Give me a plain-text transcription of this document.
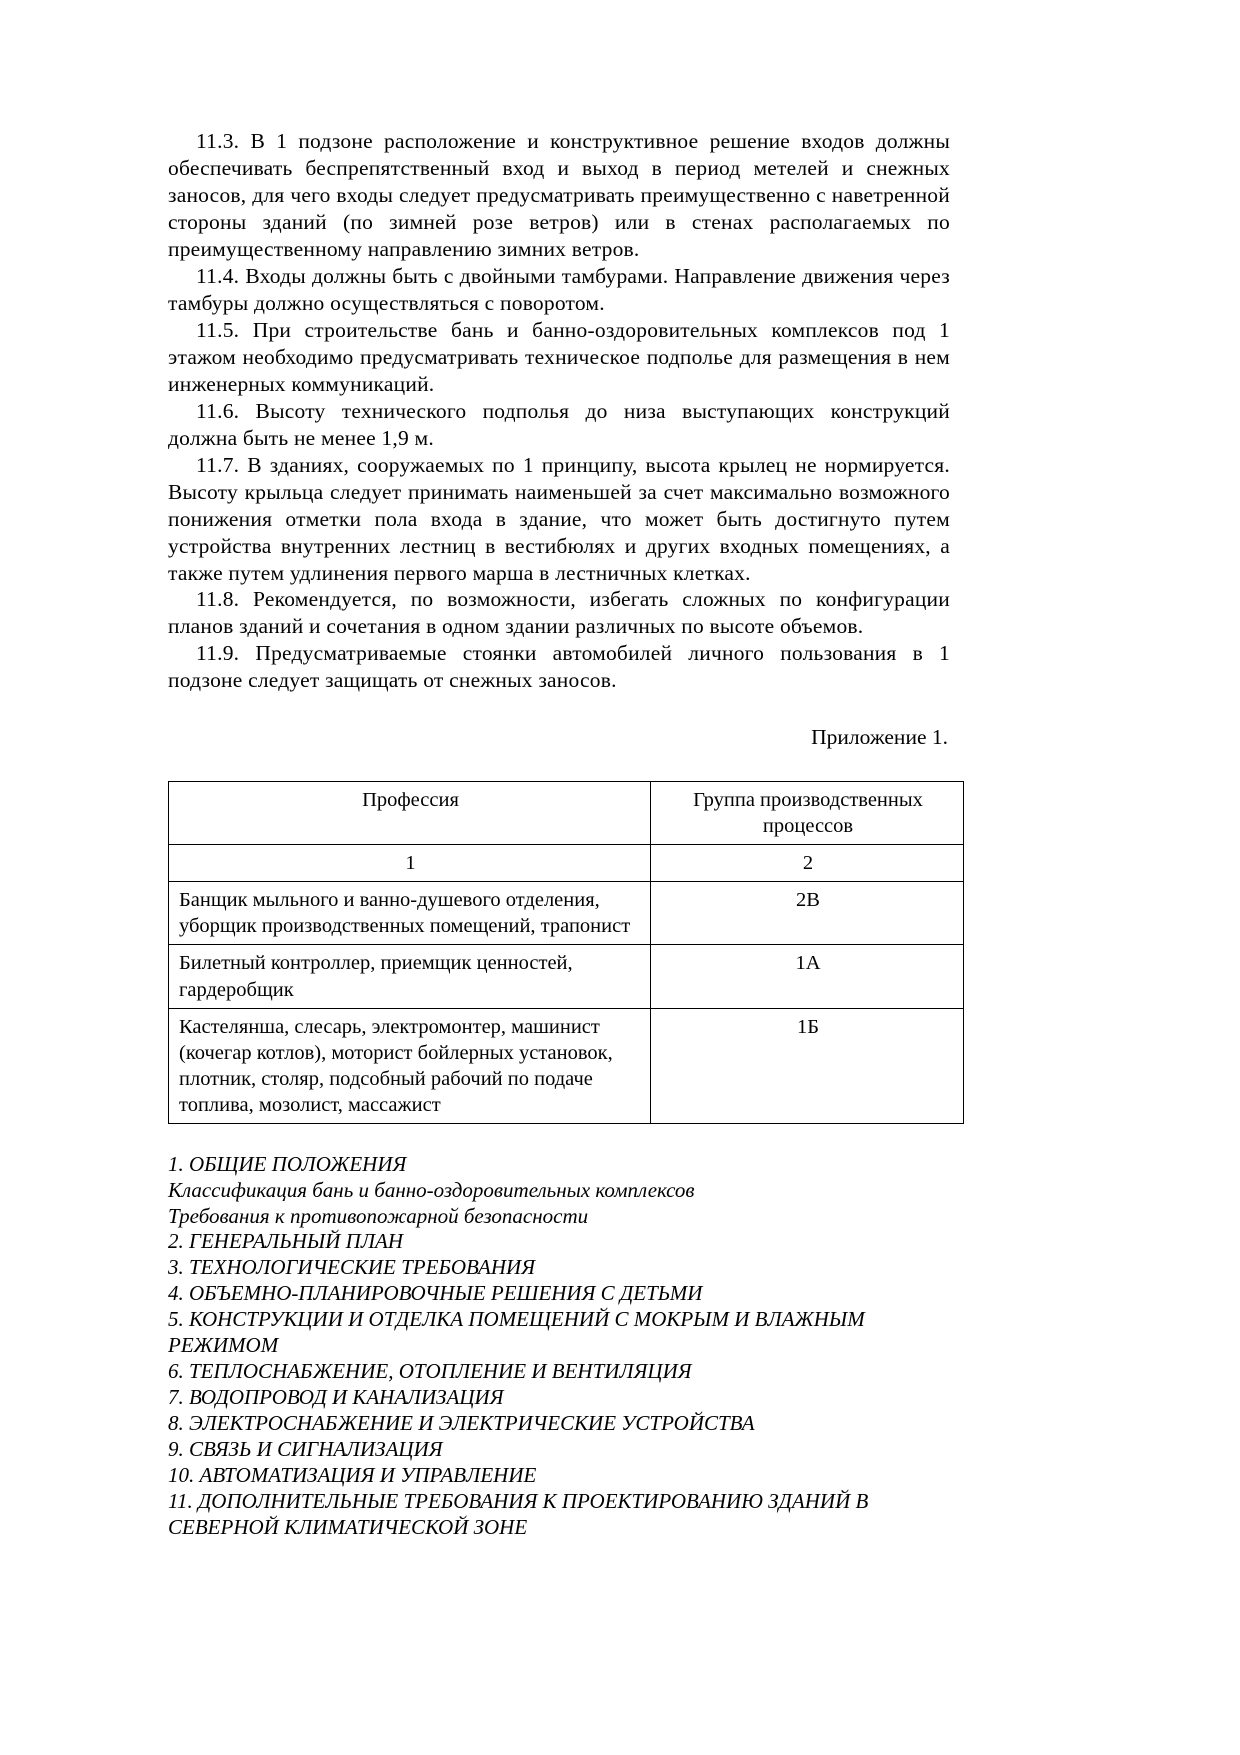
11.3. В 1 подзоне расположение и конструктивное решение входов должны обеспечивать беспрепятственный вход и выход в период метелей и снежных заносов, для чего входы следует предусматривать преимущественно с наветренной стороны зданий (по зимней розе ветров) или в стенах располагаемых по преимущественному направлению зимних ветров.

11.4. Входы должны быть с двойными тамбурами. Направление движения через тамбуры должно осуществляться с поворотом.

11.5. При строительстве бань и банно-оздоровительных комплексов под 1 этажом необходимо предусматривать техническое подполье для размещения в нем инженерных коммуникаций.

11.6. Высоту технического подполья до низа выступающих конструкций должна быть не менее 1,9 м.

11.7. В зданиях, сооружаемых по 1 принципу, высота крылец не нормируется. Высоту крыльца следует принимать наименьшей за счет максимально возможного понижения отметки пола входа в здание, что может быть достигнуто путем устройства внутренних лестниц в вестибюлях и других входных помещениях, а также путем удлинения первого марша в лестничных клетках.

11.8. Рекомендуется, по возможности, избегать сложных по конфигурации планов зданий и сочетания в одном здании различных по высоте объемов.

11.9. Предусматриваемые стоянки автомобилей личного пользования в 1 подзоне следует защищать от снежных заносов.

Приложение 1.
Профессия	Группа производственных процессов
1	2
Банщик мыльного и ванно-душевого отделения, уборщик производственных помещений, трапонист	2В
Билетный контроллер, приемщик ценностей, гардеробщик	1А
Кастелянша, слесарь, электромонтер, машинист (кочегар котлов), моторист бойлерных установок, плотник, столяр, подсобный рабочий по подаче топлива, мозолист, массажист	1Б
1. ОБЩИЕ ПОЛОЖЕНИЯ
Классификация бань и банно-оздоровительных комплексов
Требования к противопожарной безопасности
2. ГЕНЕРАЛЬНЫЙ ПЛАН
3. ТЕХНОЛОГИЧЕСКИЕ ТРЕБОВАНИЯ
4. ОБЪЕМНО-ПЛАНИРОВОЧНЫЕ РЕШЕНИЯ С ДЕТЬМИ
5. КОНСТРУКЦИИ И ОТДЕЛКА ПОМЕЩЕНИЙ С МОКРЫМ И ВЛАЖНЫМ РЕЖИМОМ
6. ТЕПЛОСНАБЖЕНИЕ, ОТОПЛЕНИЕ И ВЕНТИЛЯЦИЯ
7. ВОДОПРОВОД И КАНАЛИЗАЦИЯ
8. ЭЛЕКТРОСНАБЖЕНИЕ И ЭЛЕКТРИЧЕСКИЕ УСТРОЙСТВА
9. СВЯЗЬ И СИГНАЛИЗАЦИЯ
10. АВТОМАТИЗАЦИЯ И УПРАВЛЕНИЕ
11. ДОПОЛНИТЕЛЬНЫЕ ТРЕБОВАНИЯ К ПРОЕКТИРОВАНИЮ ЗДАНИЙ В СЕВЕРНОЙ КЛИМАТИЧЕСКОЙ ЗОНЕ
